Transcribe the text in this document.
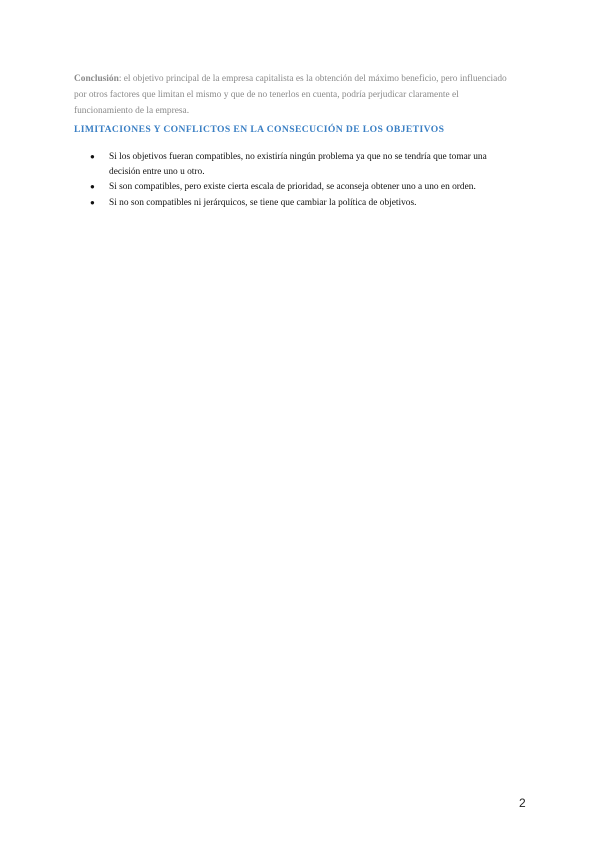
Conclusión: el objetivo principal de la empresa capitalista es la obtención del máximo beneficio, pero influenciado por otros factores que limitan el mismo y que de no tenerlos en cuenta, podría perjudicar claramente el funcionamiento de la empresa.

LIMITACIONES Y CONFLICTOS EN LA CONSECUCIÓN DE LOS OBJETIVOS
● Si los objetivos fueran compatibles, no existiría ningún problema ya que no se tendría que tomar una decisión entre uno u otro.
● Si son compatibles, pero existe cierta escala de prioridad, se aconseja obtener uno a uno en orden.
● Si no son compatibles ni jerárquicos, se tiene que cambiar la política de objetivos.
2
